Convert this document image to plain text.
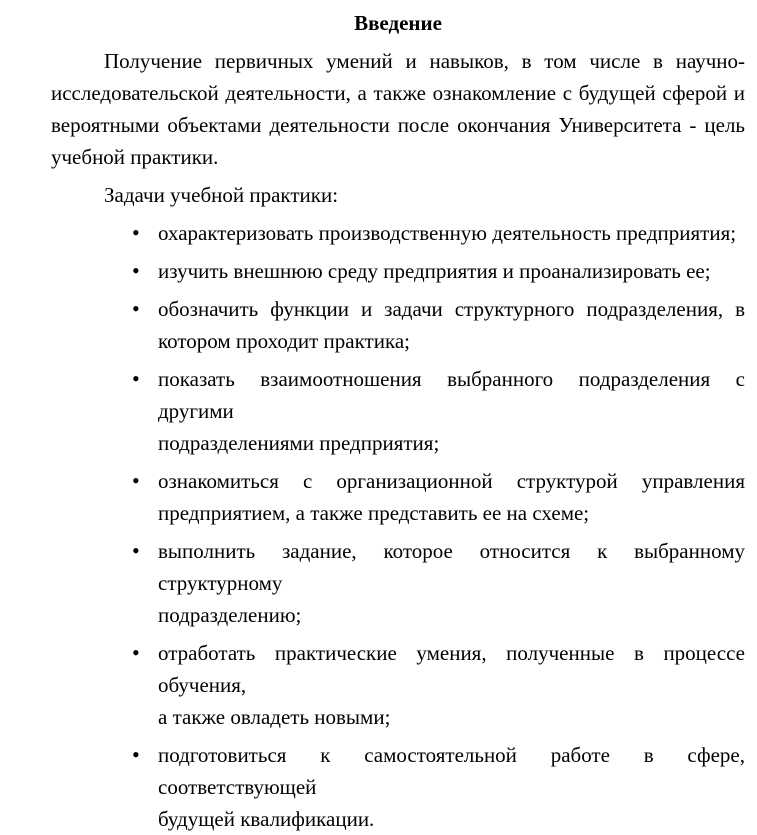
Введение
Получение первичных умений и навыков, в том числе в научно-
исследовательской деятельности, а также ознакомление с будущей сферой и
вероятными объектами деятельности после окончания Университета - цель
учебной практики.
Задачи учебной практики:
• охарактеризовать производственную деятельность предприятия;
• изучить внешнюю среду предприятия и проанализировать ее;
• обозначить функции и задачи структурного подразделения, в
котором проходит практика;
• показать взаимоотношения выбранного подразделения с другими
подразделениями предприятия;
• ознакомиться с организационной структурой управления
предприятием, а также представить ее на схеме;
• выполнить задание, которое относится к выбранному структурному
подразделению;
• отработать практические умения, полученные в процессе обучения,
а также овладеть новыми;
• подготовиться к самостоятельной работе в сфере, соответствующей
будущей квалификации.
